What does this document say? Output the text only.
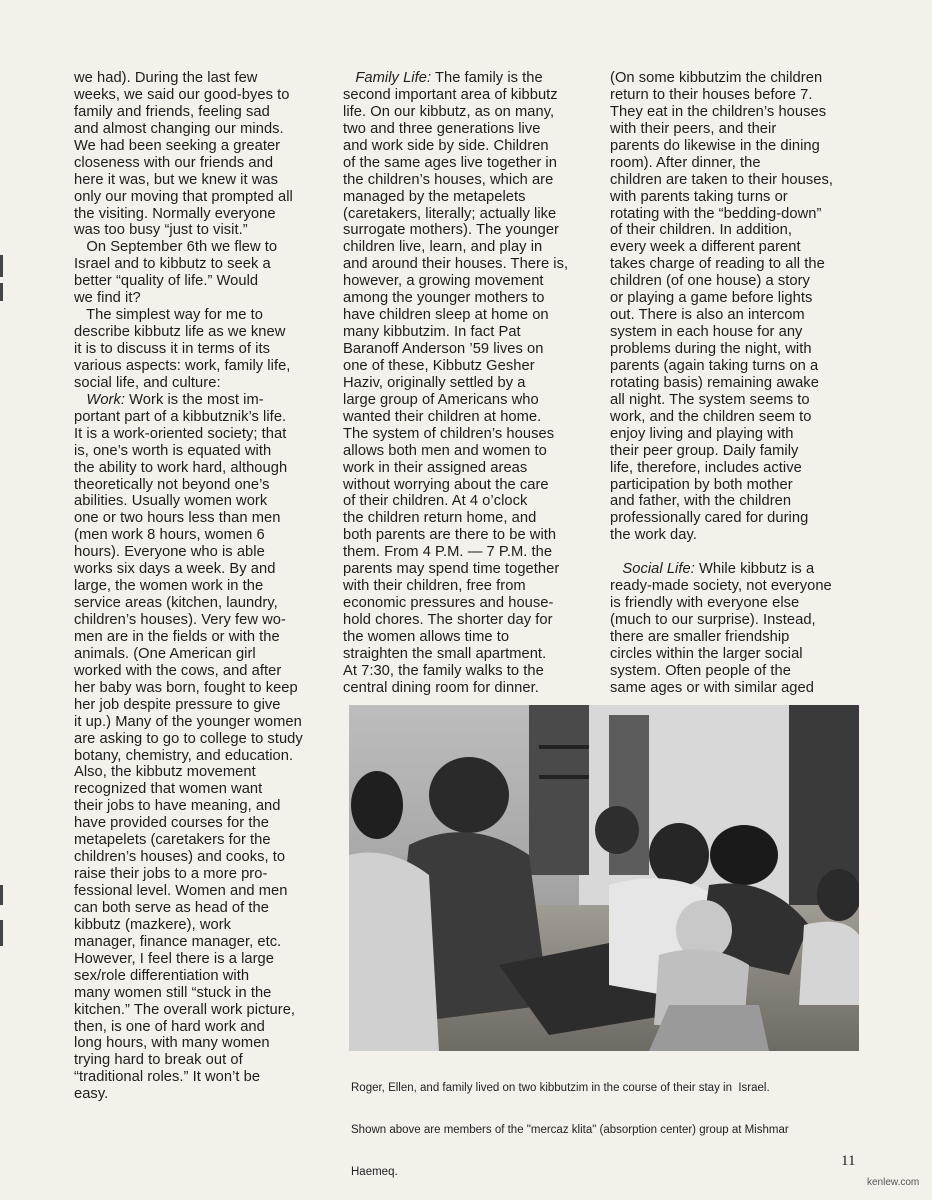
we had). During the last few
weeks, we said our good-byes to
family and friends, feeling sad
and almost changing our minds.
We had been seeking a greater
closeness with our friends and
here it was, but we knew it was
only our moving that prompted all
the visiting. Normally everyone
was too busy “just to visit.”
On September 6th we flew to
Israel and to kibbutz to seek a
better “quality of life.” Would
we find it?
The simplest way for me to
describe kibbutz life as we knew
it is to discuss it in terms of its
various aspects: work, family life,
social life, and culture:
Work: Work is the most im-
portant part of a kibbutznik’s life.
It is a work-oriented society; that
is, one’s worth is equated with
the ability to work hard, although
theoretically not beyond one’s
abilities. Usually women work
one or two hours less than men
(men work 8 hours, women 6
hours). Everyone who is able
works six days a week. By and
large, the women work in the
service areas (kitchen, laundry,
children’s houses). Very few wo-
men are in the fields or with the
animals. (One American girl
worked with the cows, and after
her baby was born, fought to keep
her job despite pressure to give
it up.) Many of the younger women
are asking to go to college to study
botany, chemistry, and education.
Also, the kibbutz movement
recognized that women want
their jobs to have meaning, and
have provided courses for the
metapelets (caretakers for the
children’s houses) and cooks, to
raise their jobs to a more pro-
fessional level. Women and men
can both serve as head of the
kibbutz (mazkere), work
manager, finance manager, etc.
However, I feel there is a large
sex/role differentiation with
many women still “stuck in the
kitchen.” The overall work picture,
then, is one of hard work and
long hours, with many women
trying hard to break out of
“traditional roles.” It won’t be
easy.
Family Life: The family is the
second important area of kibbutz
life. On our kibbutz, as on many,
two and three generations live
and work side by side. Children
of the same ages live together in
the children’s houses, which are
managed by the metapelets
(caretakers, literally; actually like
surrogate mothers). The younger
children live, learn, and play in
and around their houses. There is,
however, a growing movement
among the younger mothers to
have children sleep at home on
many kibbutzim. In fact Pat
Baranoff Anderson ’59 lives on
one of these, Kibbutz Gesher
Haziv, originally settled by a
large group of Americans who
wanted their children at home.
The system of children’s houses
allows both men and women to
work in their assigned areas
without worrying about the care
of their children. At 4 o’clock
the children return home, and
both parents are there to be with
them. From 4 P.M. — 7 P.M. the
parents may spend time together
with their children, free from
economic pressures and house-
hold chores. The shorter day for
the women allows time to
straighten the small apartment.
At 7:30, the family walks to the
central dining room for dinner.
(On some kibbutzim the children
return to their houses before 7.
They eat in the children’s houses
with their peers, and their
parents do likewise in the dining
room). After dinner, the
children are taken to their houses,
with parents taking turns or
rotating with the “bedding-down”
of their children. In addition,
every week a different parent
takes charge of reading to all the
children (of one house) a story
or playing a game before lights
out. There is also an intercom
system in each house for any
problems during the night, with
parents (again taking turns on a
rotating basis) remaining awake
all night. The system seems to
work, and the children seem to
enjoy living and playing with
their peer group. Daily family
life, therefore, includes active
participation by both mother
and father, with the children
professionally cared for during
the work day.
Social Life: While kibbutz is a
ready-made society, not everyone
is friendly with everyone else
(much to our surprise). Instead,
there are smaller friendship
circles within the larger social
system. Often people of the
same ages or with similar aged

Roger, Ellen, and family lived on two kibbutzim in the course of their stay in  Israel.

Shown above are members of the "mercaz klita" (absorption center) group at Mishmar

Haemeq.

11
kenlew.com
